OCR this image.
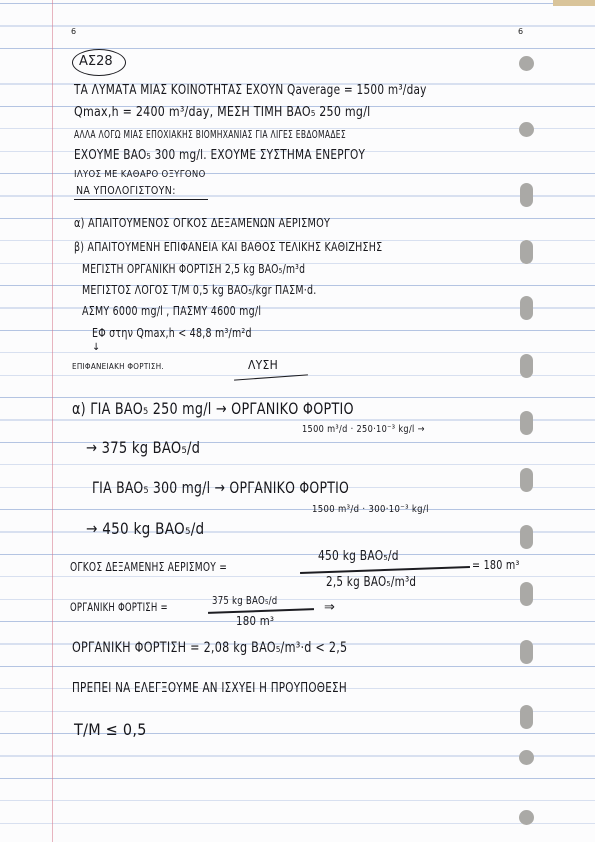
6	6
ΑΣ28
ΤΑ ΛΥΜΑΤΑ ΜΙΑΣ ΚΟΙΝΟΤΗΤΑΣ ΕΧΟΥΝ Qaverage = 1500 m³/day
Qmax,h = 2400 m³/day, ΜΕΣΗ ΤΙΜΗ BAO₅ 250 mg/l
ΑΛΛΑ ΛΟΓΩ ΜΙΑΣ ΕΠΟΧΙΑΚΗΣ ΒΙΟΜΗΧΑΝΙΑΣ ΓΙΑ ΛΙΓΕΣ ΕΒΔΟΜΑΔΕΣ
ΕΧΟΥΜΕ BAO₅ 300 mg/l. ΕΧΟΥΜΕ ΣΥΣΤΗΜΑ ΕΝΕΡΓΟΥ
ΙΛΥΟΣ ΜΕ ΚΑΘΑΡΟ ΟΞΥΓΟΝΟ
ΝΑ ΥΠΟΛΟΓΙΣΤΟΥΝ:
α) ΑΠΑΙΤΟΥΜΕΝΟΣ ΟΓΚΟΣ ΔΕΞΑΜΕΝΩΝ ΑΕΡΙΣΜΟΥ
β) ΑΠΑΙΤΟΥΜΕΝΗ ΕΠΙΦΑΝΕΙΑ ΚΑΙ ΒΑΘΟΣ ΤΕΛΙΚΗΣ ΚΑΘΙΖΗΣΗΣ
ΜΕΓΙΣΤΗ ΟΡΓΑΝΙΚΗ ΦΟΡΤΙΣΗ 2,5 kg BAO₅/m³d
ΜΕΓΙΣΤΟΣ ΛΟΓΟΣ Τ/Μ 0,5 kg BAO₅/kgr ΠΑΣΜ·d.
ΑΣΜΥ 6000 mg/l , ΠΑΣΜΥ 4600 mg/l
ΕΦ στην Qmax,h < 48,8 m³/m²d
↓
ΕΠΙΦΑΝΕΙΑΚΗ ΦΟΡΤΙΣΗ.	ΛΥΣΗ
α) ΓΙΑ BAO₅ 250 mg/l → ΟΡΓΑΝΙΚΟ ΦΟΡΤΙΟ
1500 m³/d · 250·10⁻³ kg/l →
→ 375 kg BAO₅/d
ΓΙΑ BAO₅ 300 mg/l → ΟΡΓΑΝΙΚΟ ΦΟΡΤΙΟ
1500 m³/d · 300·10⁻³ kg/l
→ 450 kg BAO₅/d
ΟΓΚΟΣ ΔΕΞΑΜΕΝΗΣ ΑΕΡΙΣΜΟΥ =
450 kg BAO₅/d
2,5 kg BAO₅/m³d
= 180 m³
ΟΡΓΑΝΙΚΗ ΦΟΡΤΙΣΗ =	375 kg BAO₅/d
180 m³
⇒
ΟΡΓΑΝΙΚΗ ΦΟΡΤΙΣΗ = 2,08 kg BAO₅/m³·d < 2,5
ΠΡΕΠΕΙ ΝΑ ΕΛΕΓΞΟΥΜΕ ΑΝ ΙΣΧΥΕΙ Η ΠΡΟΥΠΟΘΕΣΗ
Τ/Μ ≤ 0,5
